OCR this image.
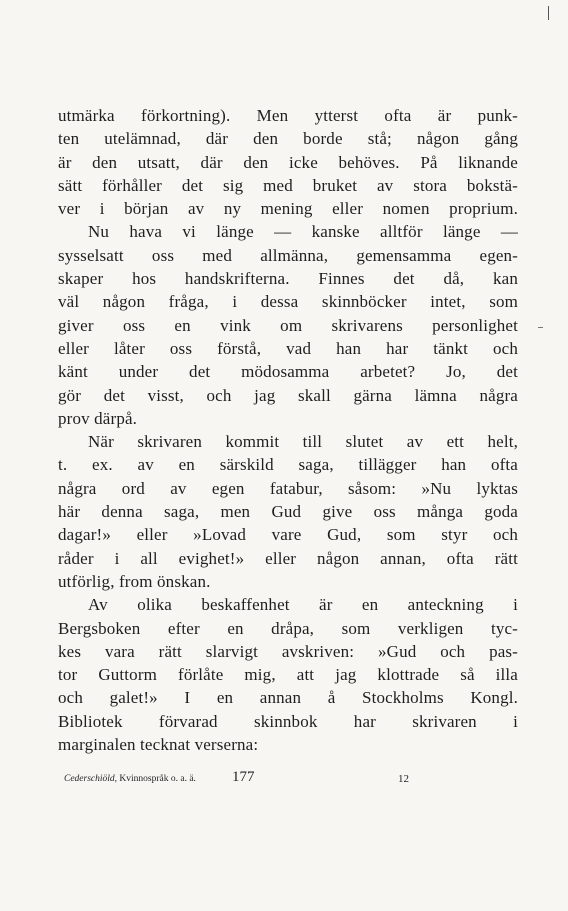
utmärka förkortning). Men ytterst ofta är punk-
ten utelämnad, där den borde stå; någon gång
är den utsatt, där den icke behöves. På liknande
sätt förhåller det sig med bruket av stora bokstä-
ver i början av ny mening eller nomen proprium.
Nu hava vi länge — kanske alltför länge —
sysselsatt oss med allmänna, gemensamma egen-
skaper hos handskrifterna. Finnes det då, kan
väl någon fråga, i dessa skinnböcker intet, som
giver oss en vink om skrivarens personlighet
eller låter oss förstå, vad han har tänkt och
känt under det mödosamma arbetet? Jo, det
gör det visst, och jag skall gärna lämna några
prov därpå.
När skrivaren kommit till slutet av ett helt,
t. ex. av en särskild saga, tillägger han ofta
några ord av egen fatabur, såsom: »Nu lyktas
här denna saga, men Gud give oss många goda
dagar!» eller »Lovad vare Gud, som styr och
råder i all evighet!» eller någon annan, ofta rätt
utförlig, from önskan.
Av olika beskaffenhet är en anteckning i
Bergsboken efter en dråpa, som verkligen tyc-
kes vara rätt slarvigt avskriven: »Gud och pas-
tor Guttorm förlåte mig, att jag klottrade så illa
och galet!» I en annan å Stockholms Kongl.
Bibliotek förvarad skinnbok har skrivaren i
marginalen tecknat verserna:
Cederschiöld, Kvinnospråk o. a. ä. 177	12
